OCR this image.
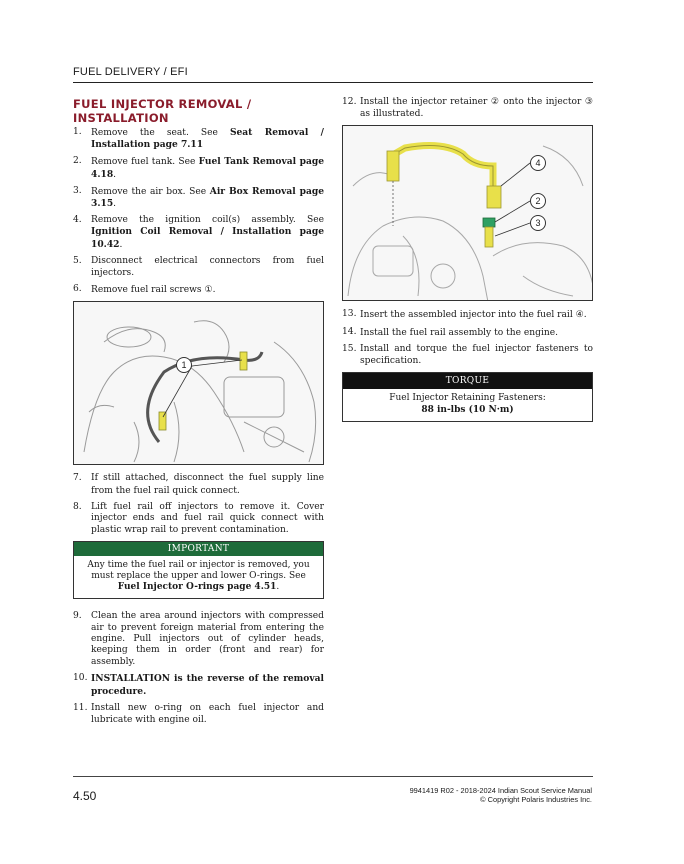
FUEL DELIVERY / EFI
FUEL INJECTOR REMOVAL / INSTALLATION
1. Remove the seat. See Seat Removal / Installation page 7.11
2. Remove fuel tank. See Fuel Tank Removal page 4.18.
3. Remove the air box. See Air Box Removal page 3.15.
4. Remove the ignition coil(s) assembly. See Ignition Coil Removal / Installation page 10.42.
5. Disconnect electrical connectors from fuel injectors.
6. Remove fuel rail screws ①.
1
7. If still attached, disconnect the fuel supply line from the fuel rail quick connect.
8. Lift fuel rail off injectors to remove it. Cover injector ends and fuel rail quick connect with plastic wrap rail to prevent contamination.
IMPORTANT
Any time the fuel rail or injector is removed, you must replace the upper and lower O-rings. See Fuel Injector O-rings page 4.51.
9. Clean the area around injectors with compressed air to prevent foreign material from entering the engine. Pull injectors out of cylinder heads, keeping them in order (front and rear) for assembly.
10. INSTALLATION is the reverse of the removal procedure.
11. Install new o-ring on each fuel injector and lubricate with engine oil.
12. Install the injector retainer ② onto the injector ③ as illustrated.
4
2
3
13. Insert the assembled injector into the fuel rail ④.
14. Install the fuel rail assembly to the engine.
15. Install and torque the fuel injector fasteners to specification.
TORQUE
Fuel Injector Retaining Fasteners:
88 in-lbs (10 N·m)
4.50	9941419 R02 - 2018-2024 Indian Scout Service Manual
© Copyright Polaris Industries Inc.
